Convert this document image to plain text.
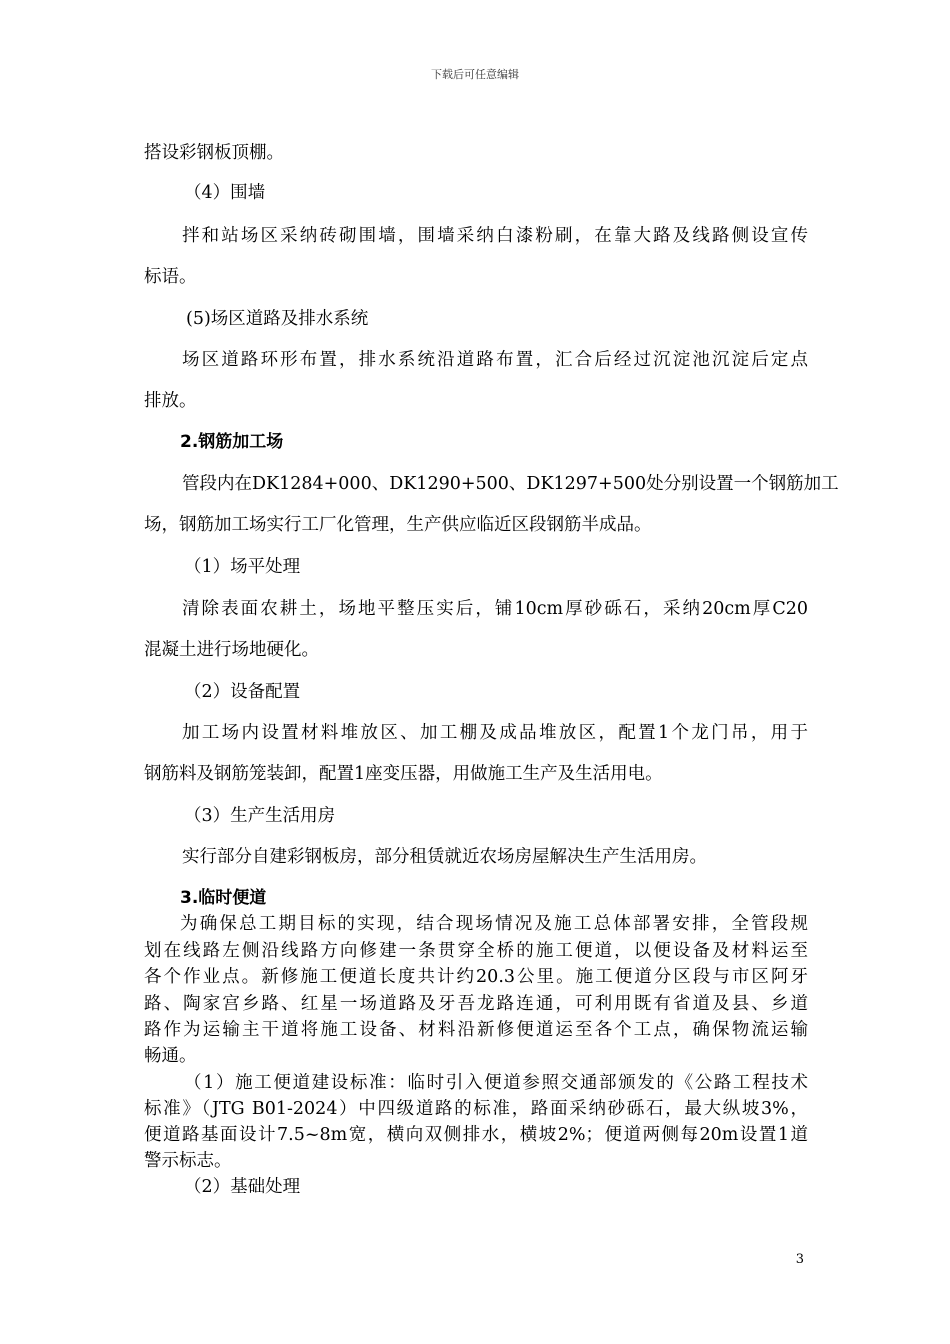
下载后可任意编辑
搭设彩钢板顶棚。
（4）围墙
拌和站场区采纳砖砌围墙，围墙采纳白漆粉刷，在靠大路及线路侧设宣传
标语。
(5)场区道路及排水系统
场区道路环形布置，排水系统沿道路布置，汇合后经过沉淀池沉淀后定点
排放。
2.钢筋加工场
管段内在DK1284+000、DK1290+500、DK1297+500处分别设置一个钢筋加工
场，钢筋加工场实行工厂化管理，生产供应临近区段钢筋半成品。
（1）场平处理
清除表面农耕土，场地平整压实后，铺10cm厚砂砾石，采纳20cm厚C20
混凝土进行场地硬化。
（2）设备配置
加工场内设置材料堆放区、加工棚及成品堆放区，配置1个龙门吊，用于
钢筋料及钢筋笼装卸，配置1座变压器，用做施工生产及生活用电。
（3）生产生活用房
实行部分自建彩钢板房，部分租赁就近农场房屋解决生产生活用房。
3.临时便道
为确保总工期目标的实现，结合现场情况及施工总体部署安排，全管段规
划在线路左侧沿线路方向修建一条贯穿全桥的施工便道，以便设备及材料运至
各个作业点。新修施工便道长度共计约20.3公里。施工便道分区段与市区阿牙
路、陶家宫乡路、红星一场道路及牙吾龙路连通，可利用既有省道及县、乡道
路作为运输主干道将施工设备、材料沿新修便道运至各个工点，确保物流运输
畅通。
（1）施工便道建设标准：临时引入便道参照交通部颁发的《公路工程技术
标准》（JTG B01-2024）中四级道路的标准，路面采纳砂砾石，最大纵坡3%，
便道路基面设计7.5~8m宽，横向双侧排水，横坡2%；便道两侧每20m设置1道
警示标志。
（2）基础处理
3
